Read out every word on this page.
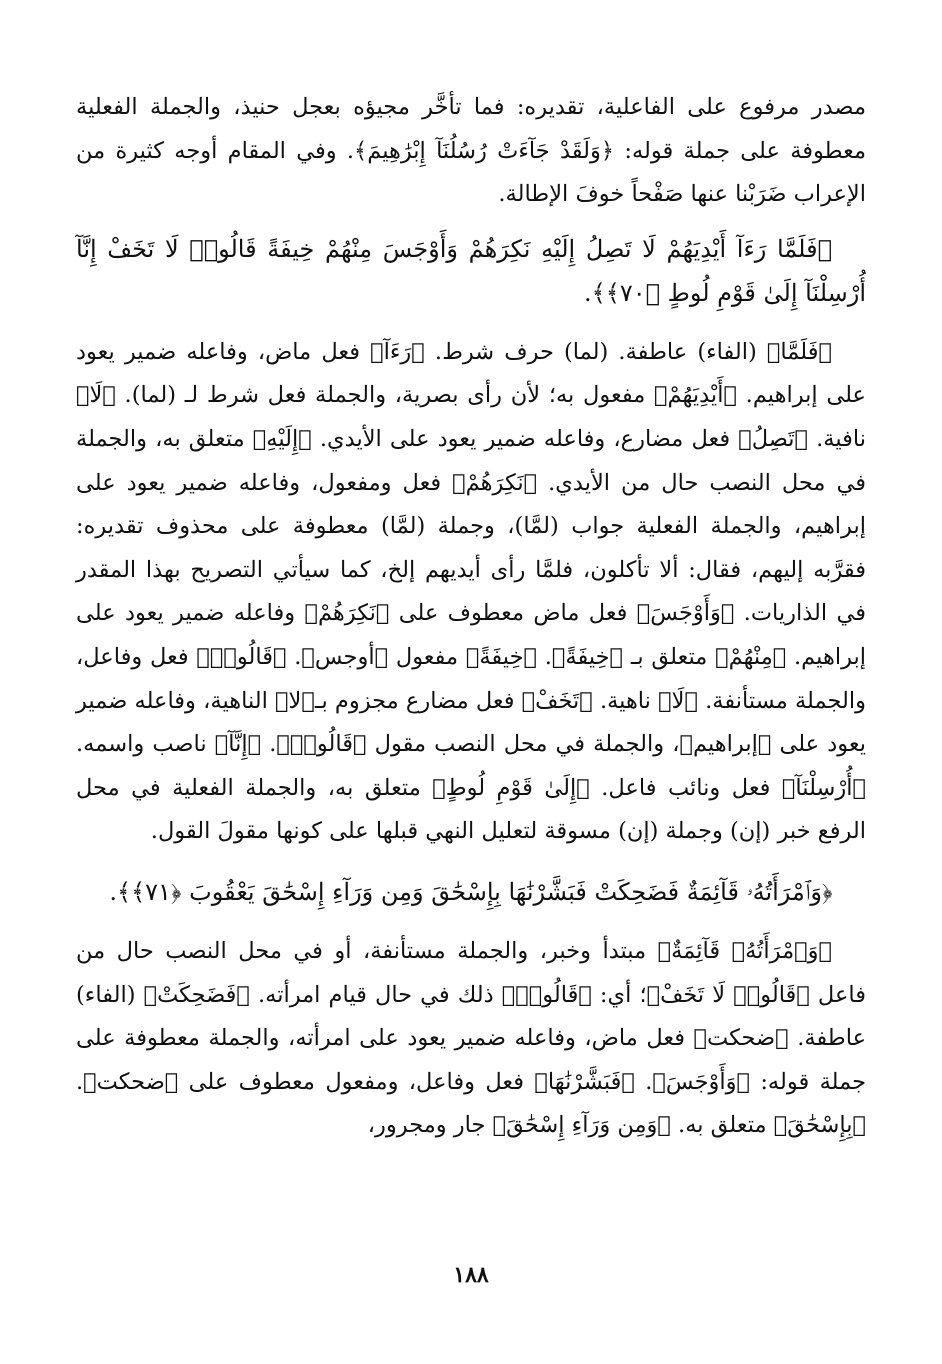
مصدر مرفوع على الفاعلية، تقديره: فما تأخَّر مجيؤه بعجل حنيذ، والجملة الفعلية معطوفة على جملة قوله: ﴿وَلَقَدْ جَآءَتْ رُسُلُنَآ إِبْرَٰهِيمَ﴾. وفي المقام أوجه كثيرة من الإعراب ضَرَبْنا عنها صَفْحاً خوفَ الإطالة.

﴿فَلَمَّا رَءَآ أَيْدِيَهُمْ لَا تَصِلُ إِلَيْهِ نَكِرَهُمْ وَأَوْجَسَ مِنْهُمْ خِيفَةً قَالُوا۟ لَا تَخَفْ إِنَّآ أُرْسِلْنَآ إِلَىٰ قَوْمِ لُوطٍ ﴿٧٠﴾﴾.

﴿فَلَمَّا﴾ (الفاء) عاطفة. (لما) حرف شرط. ﴿رَءَآ﴾ فعل ماض، وفاعله ضمير يعود على إبراهيم. ﴿أَيْدِيَهُمْ﴾ مفعول به؛ لأن رأى بصرية، والجملة فعل شرط لـ (لما). ﴿لَا﴾ نافية. ﴿تَصِلُ﴾ فعل مضارع، وفاعله ضمير يعود على الأيدي. ﴿إِلَيْهِ﴾ متعلق به، والجملة في محل النصب حال من الأيدي. ﴿نَكِرَهُمْ﴾ فعل ومفعول، وفاعله ضمير يعود على إبراهيم، والجملة الفعلية جواب (لمَّا)، وجملة (لمَّا) معطوفة على محذوف تقديره: فقرَّبه إليهم، فقال: ألا تأكلون، فلمَّا رأى أيديهم إلخ، كما سيأتي التصريح بهذا المقدر في الذاريات. ﴿وَأَوْجَسَ﴾ فعل ماض معطوف على ﴿نَكِرَهُمْ﴾ وفاعله ضمير يعود على إبراهيم. ﴿مِنْهُمْ﴾ متعلق بـ ﴿خِيفَةً﴾. ﴿خِيفَةً﴾ مفعول ﴿أوجس﴾. ﴿قَالُوا۟﴾ فعل وفاعل، والجملة مستأنفة. ﴿لَا﴾ ناهية. ﴿تَخَفْ﴾ فعل مضارع مجزوم بـ﴿لا﴾ الناهية، وفاعله ضمير يعود على ﴿إبراهيم﴾، والجملة في محل النصب مقول ﴿قَالُوا۟﴾. ﴿إِنَّآ﴾ ناصب واسمه. ﴿أُرْسِلْنَآ﴾ فعل ونائب فاعل. ﴿إِلَىٰ قَوْمِ لُوطٍ﴾ متعلق به، والجملة الفعلية في محل الرفع خبر (إن) وجملة (إن) مسوقة لتعليل النهي قبلها على كونها مقولَ القول.

﴿وَٱمْرَأَتُهُۥ قَآئِمَةٌ فَضَحِكَتْ فَبَشَّرْنَٰهَا بِإِسْحَٰقَ وَمِن وَرَآءِ إِسْحَٰقَ يَعْقُوبَ ﴿٧١﴾﴾.

﴿وَٱمْرَأَتُهُۥ قَآئِمَةٌ﴾ مبتدأ وخبر، والجملة مستأنفة، أو في محل النصب حال من فاعل ﴿قَالُوا۟ لَا تَخَفْ﴾؛ أي: ﴿قَالُوا۟﴾ ذلك في حال قيام امرأته. ﴿فَضَحِكَتْ﴾ (الفاء) عاطفة. ﴿ضحكت﴾ فعل ماض، وفاعله ضمير يعود على امرأته، والجملة معطوفة على جملة قوله: ﴿وَأَوْجَسَ﴾. ﴿فَبَشَّرْنَٰهَا﴾ فعل وفاعل، ومفعول معطوف على ﴿ضحكت﴾. ﴿بِإِسْحَٰقَ﴾ متعلق به. ﴿وَمِن وَرَآءِ إِسْحَٰقَ﴾ جار ومجرور،

١٨٨
